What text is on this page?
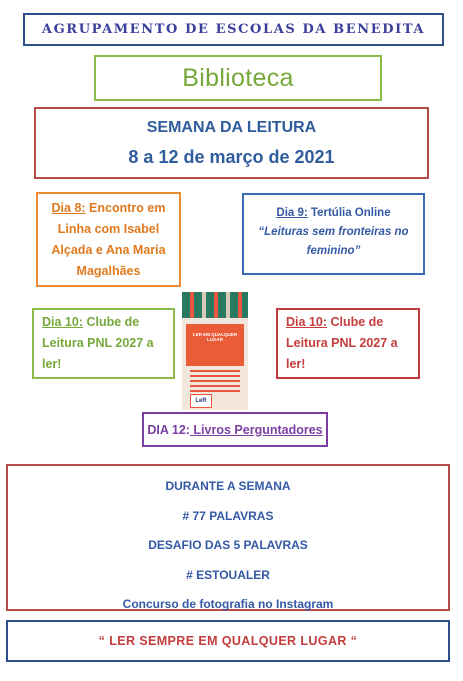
AGRUPAMENTO DE ESCOLAS DA BENEDITA
Biblioteca
SEMANA DA LEITURA
8 a 12 de março de 2021
Dia 8: Encontro em Linha com Isabel Alçada e Ana Maria Magalhães
Dia 9: Tertúlia Online
“Leituras sem fronteiras no feminino”
Dia 10: Clube de Leitura PNL 2027 a ler!
LER EM QUALQUER LUGAR
LeR
Dia 10: Clube de Leitura PNL 2027 a ler!
DIA 12: Livros Perguntadores
DURANTE A SEMANA
# 77 PALAVRAS
DESAFIO DAS 5 PALAVRAS
# ESTOUALER
Concurso de fotografia no Instagram
“ LER SEMPRE EM QUALQUER LUGAR “
